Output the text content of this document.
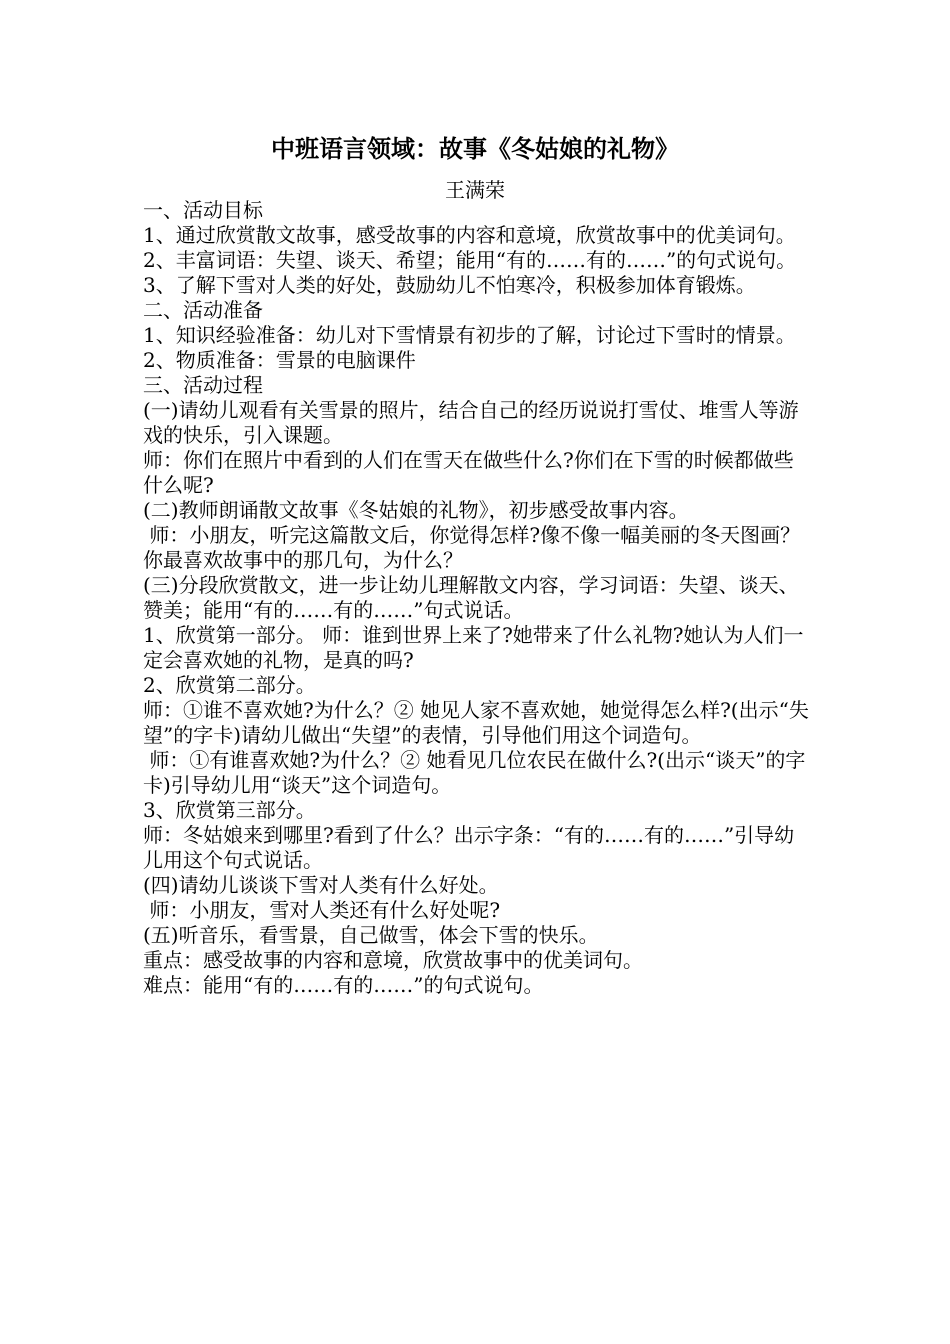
中班语言领域：故事《冬姑娘的礼物》
王满荣

一、活动目标

1、通过欣赏散文故事，感受故事的内容和意境，欣赏故事中的优美词句。

2、丰富词语：失望、谈天、希望；能用“有的……有的……”的句式说句。

3、了解下雪对人类的好处，鼓励幼儿不怕寒冷，积极参加体育锻炼。

二、活动准备

1、知识经验准备：幼儿对下雪情景有初步的了解，讨论过下雪时的情景。

2、物质准备：雪景的电脑课件

三、活动过程

(一)请幼儿观看有关雪景的照片，结合自己的经历说说打雪仗、堆雪人等游戏的快乐，引入课题。

师：你们在照片中看到的人们在雪天在做些什么?你们在下雪的时候都做些什么呢?

(二)教师朗诵散文故事《冬姑娘的礼物》，初步感受故事内容。

师：小朋友，听完这篇散文后，你觉得怎样?像不像一幅美丽的冬天图画？你最喜欢故事中的那几句，为什么？

(三)分段欣赏散文，进一步让幼儿理解散文内容，学习词语：失望、谈天、赞美；能用“有的……有的……”句式说话。

1、欣赏第一部分。 师：谁到世界上来了?她带来了什么礼物?她认为人们一定会喜欢她的礼物，是真的吗?

2、欣赏第二部分。

师：①谁不喜欢她?为什么？② 她见人家不喜欢她，她觉得怎么样?(出示“失望”的字卡)请幼儿做出“失望”的表情，引导他们用这个词造句。

师：①有谁喜欢她?为什么？② 她看见几位农民在做什么?(出示“谈天”的字卡)引导幼儿用“谈天”这个词造句。

3、欣赏第三部分。

师：冬姑娘来到哪里?看到了什么？出示字条：“有的……有的……”引导幼儿用这个句式说话。

(四)请幼儿谈谈下雪对人类有什么好处。

师：小朋友，雪对人类还有什么好处呢?

(五)听音乐，看雪景，自己做雪，体会下雪的快乐。

重点：感受故事的内容和意境，欣赏故事中的优美词句。

难点：能用“有的……有的……”的句式说句。
